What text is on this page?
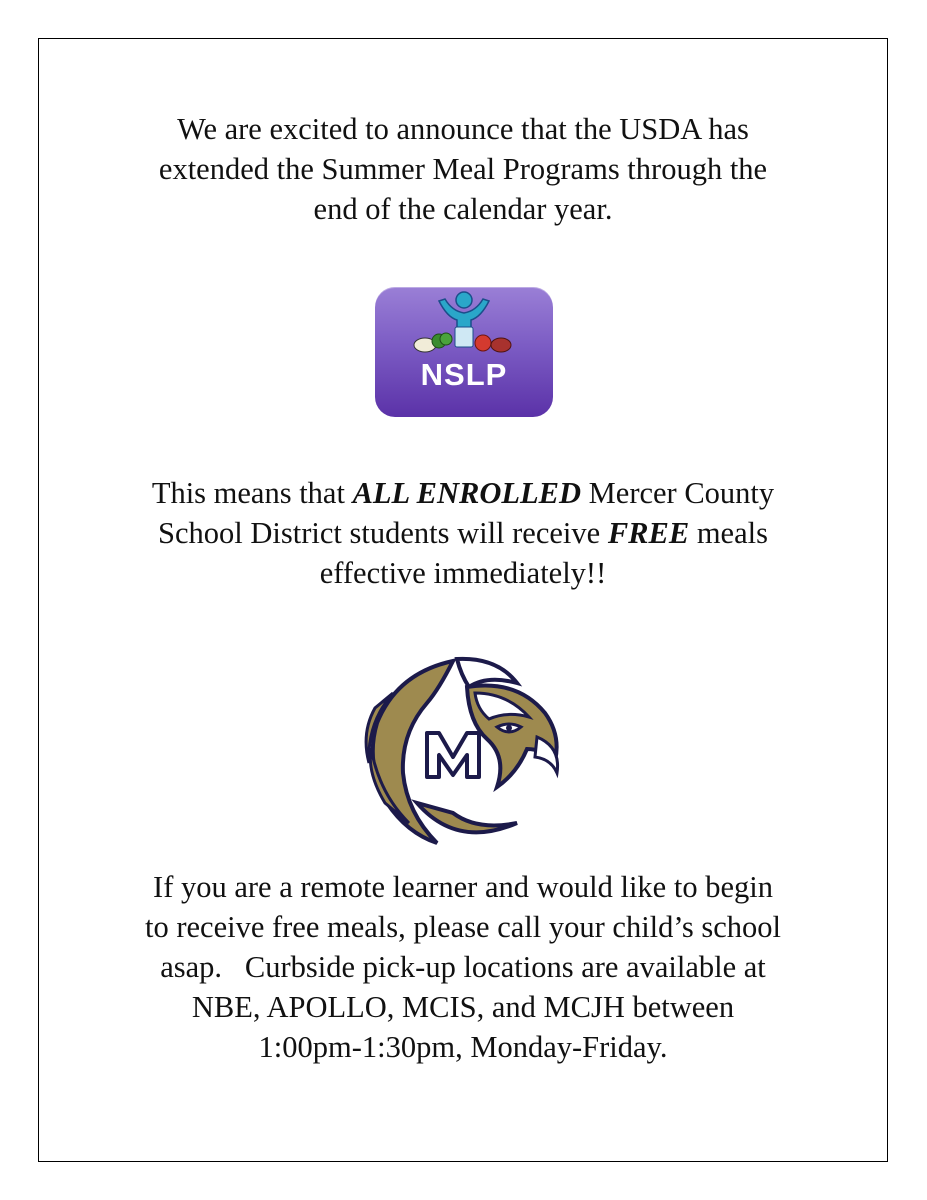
We are excited to announce that the USDA has
extended the Summer Meal Programs through the
end of the calendar year.

NSLP

This means that ALL ENROLLED Mercer County
School District students will receive FREE meals
effective immediately!!

If you are a remote learner and would like to begin
to receive free meals, please call your child’s school
asap.   Curbside pick-up locations are available at
NBE, APOLLO, MCIS, and MCJH between
1:00pm-1:30pm, Monday-Friday.
